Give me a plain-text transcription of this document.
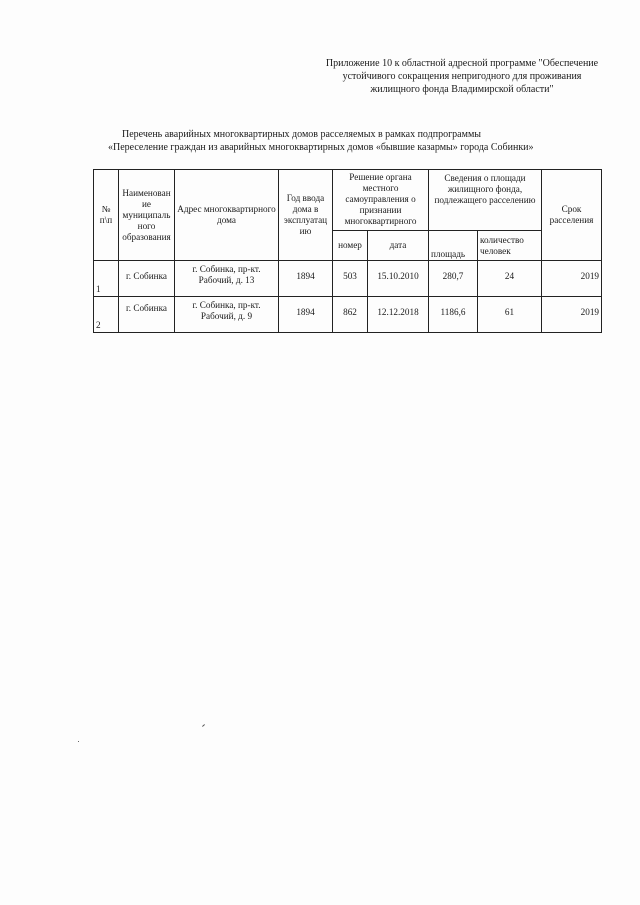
Приложение 10 к областной адресной программе "Обеспечение
устойчивого сокращения непригодного для проживания
жилищного фонда Владимирской области"
Перечень аварийных многоквартирных домов расселяемых в рамках подпрограммы
«Переселение граждан из аварийных многоквартирных домов «бывшие казармы» города Собинки»
№ п\п	Наименован ие муниципаль ного образования	Адрес многоквартирного дома	Год ввода дома в эксплуатац ию	Решение органа местного самоуправления о признании многоквартирного		Сведения о площади жилищного фонда, подлежащего расселению		Срок расселения
				номер	дата	площадь	количество человек	
1	г. Собинка	г. Собинка, пр-кт. Рабочий, д. 13	1894	503	15.10.2010	280,7	24	2019
2	г. Собинка	г. Собинка, пр-кт. Рабочий, д. 9	1894	862	12.12.2018	1186,6	61	2019
